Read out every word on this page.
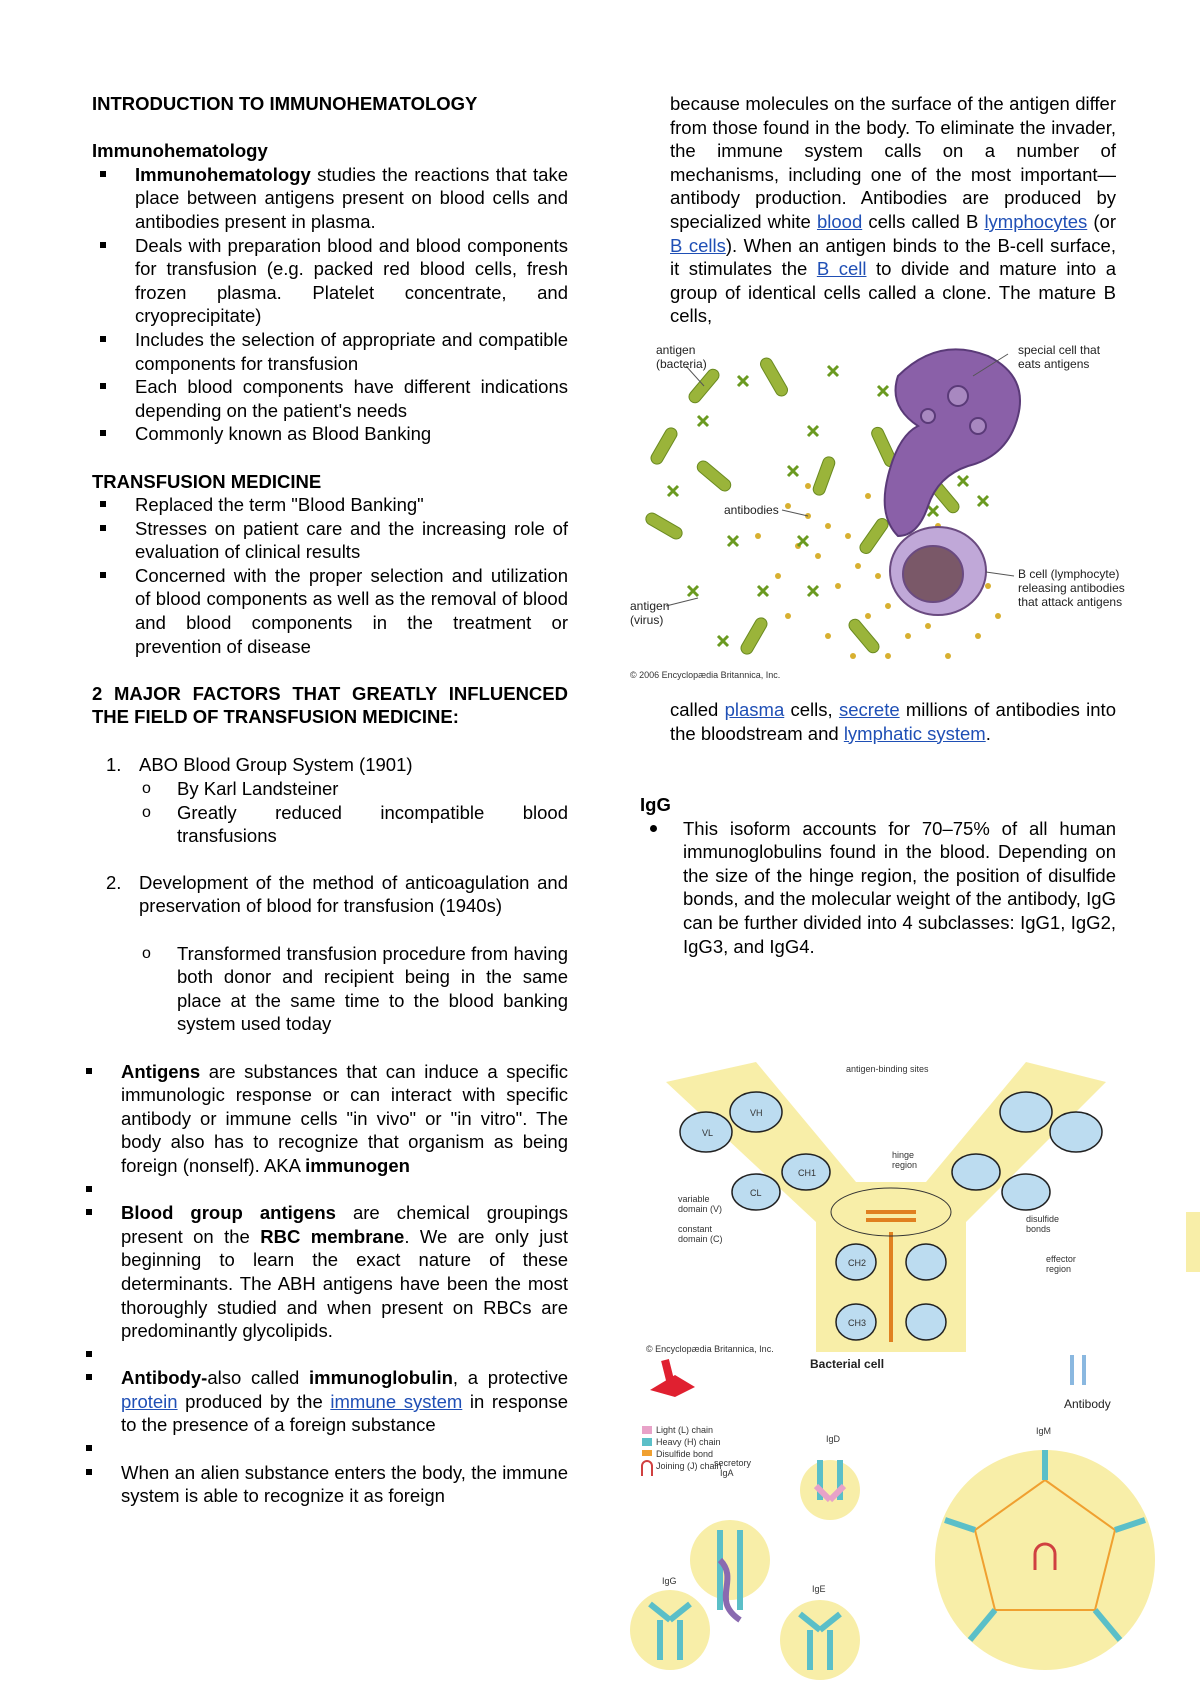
INTRODUCTION TO IMMUNOHEMATOLOGY
Immunohematology
Immunohematology studies the reactions that take place between antigens present on blood cells and antibodies present in plasma.
Deals with preparation blood and blood components for transfusion (e.g. packed red blood cells, fresh frozen plasma. Platelet concentrate, and cryoprecipitate)
Includes the selection of appropriate and compatible components for transfusion
Each blood components have different indications depending on the patient's needs
Commonly known as Blood Banking
TRANSFUSION MEDICINE
Replaced the term "Blood Banking"
Stresses on patient care and the increasing role of evaluation of clinical results
Concerned with the proper selection and utilization of blood components as well as the removal of blood and blood components in the treatment or prevention of disease
2 MAJOR FACTORS THAT GREATLY INFLUENCED THE FIELD OF TRANSFUSION MEDICINE:
1. ABO Blood Group System (1901)
o By Karl Landsteiner
o Greatly reduced incompatible blood transfusions
2. Development of the method of anticoagulation and preservation of blood for transfusion (1940s)
o Transformed transfusion procedure from having both donor and recipient being in the same place at the same time to the blood banking system used today
Antigens are substances that can induce a specific immunologic response or can interact with specific antibody or immune cells "in vivo" or "in vitro". The body also has to recognize that organism as being foreign (nonself). AKA immunogen
Blood group antigens are chemical groupings present on the RBC membrane. We are only just beginning to learn the exact nature of these determinants. The ABH antigens have been the most thoroughly studied and when present on RBCs are predominantly glycolipids.
Antibody-also called immunoglobulin, a protective protein produced by the immune system in response to the presence of a foreign substance
When an alien substance enters the body, the immune system is able to recognize it as foreign
because molecules on the surface of the antigen differ from those found in the body. To eliminate the invader, the immune system calls on a number of mechanisms, including one of the most important—antibody production. Antibodies are produced by specialized white blood cells called B lymphocytes (or B cells). When an antigen binds to the B-cell surface, it stimulates the B cell to divide and mature into a group of identical cells called a clone. The mature B cells,
antigen (bacteria)
special cell that eats antigens
antibodies
antigen (virus)
B cell (lymphocyte) releasing antibodies that attack antigens
© 2006 Encyclopædia Britannica, Inc.
called plasma cells, secrete millions of antibodies into the bloodstream and lymphatic system.
IgG
This isoform accounts for 70–75% of all human immunoglobulins found in the blood. Depending on the size of the hinge region, the position of disulfide bonds, and the molecular weight of the antibody, IgG can be further divided into 4 subclasses: IgG1, IgG2, IgG3, and IgG4.
VL
VH
CL
CH1
CH2
CH3
antigen-binding sites
hinge region
variable domain (V)
constant domain (C)
disulfide bonds
effector region
© Encyclopædia Britannica, Inc.
Bacterial cell
Antibody
Light (L) chain
Heavy (H) chain
Disulfide bond
Joining (J) chain
secretory IgA
IgD
IgM
IgG
IgE
